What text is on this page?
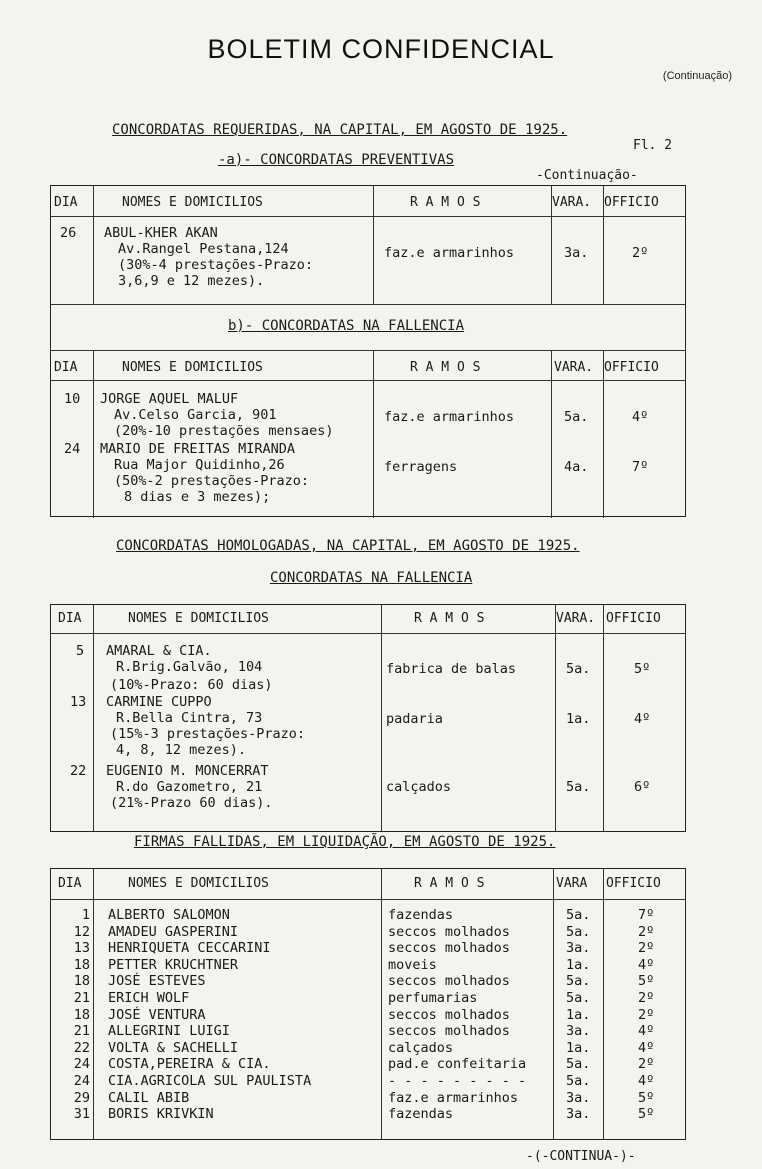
BOLETIM CONFIDENCIAL
(Continuação)
CONCORDATAS REQUERIDAS, NA CAPITAL, EM AGOSTO DE 1925.
Fl. 2
-a)- CONCORDATAS PREVENTIVAS
-Continuação-
DIA	NOMES E DOMICILIOS	R A M O S	VARA. OFFICIO
26 ABUL-KHER AKAN
Av.Rangel Pestana,124
(30%-4 prestações-Prazo:
3,6,9 e 12 mezes).
faz.e armarinhos	3a.	2º
b)- CONCORDATAS NA FALLENCIA
DIA	NOMES E DOMICILIOS	R A M O S	VARA. OFFICIO
10 JORGE AQUEL MALUF
Av.Celso Garcia, 901
(20%-10 prestações mensaes)
faz.e armarinhos	5a.	4º
24 MARIO DE FREITAS MIRANDA
Rua Major Quidinho,26
(50%-2 prestações-Prazo:
8 dias e 3 mezes);
ferragens	4a.	7º
CONCORDATAS HOMOLOGADAS, NA CAPITAL, EM AGOSTO DE 1925.
CONCORDATAS NA FALLENCIA
DIA	NOMES E DOMICILIOS	R A M O S	VARA. OFFICIO
5 AMARAL & CIA.
R.Brig.Galvão, 104
(10%-Prazo: 60 dias)
fabrica de balas	5a.	5º
13 CARMINE CUPPO
R.Bella Cintra, 73
(15%-3 prestações-Prazo:
4, 8, 12 mezes).
padaria	1a.	4º
22 EUGENIO M. MONCERRAT
R.do Gazometro, 21
(21%-Prazo 60 dias).
calçados	5a.	6º
FIRMAS FALLIDAS, EM LIQUIDAÇÃO, EM AGOSTO DE 1925.
DIA	NOMES E DOMICILIOS	R A M O S	VARA OFFICIO
1 ALBERTO SALOMON	fazendas	5a.	7º
12 AMADEU GASPERINI	seccos molhados	5a.	2º
13 HENRIQUETA CECCARINI	seccos molhados	3a.	2º
18 PETTER KRUCHTNER	moveis	1a.	4º
18 JOSÉ ESTEVES	seccos molhados	5a.	5º
21 ERICH WOLF	perfumarias	5a.	2º
18 JOSÉ VENTURA	seccos molhados	1a.	2º
21 ALLEGRINI LUIGI	seccos molhados	3a.	4º
22 VOLTA & SACHELLI	calçados	1a.	4º
24 COSTA,PEREIRA & CIA.	pad.e confeitaria	5a.	2º
24 CIA.AGRICOLA SUL PAULISTA	- - - - - - - - -	5a.	4º
29 CALIL ABIB	faz.e armarinhos	3a.	5º
31 BORIS KRIVKIN	fazendas	3a.	5º
-(-CONTINUA-)-
